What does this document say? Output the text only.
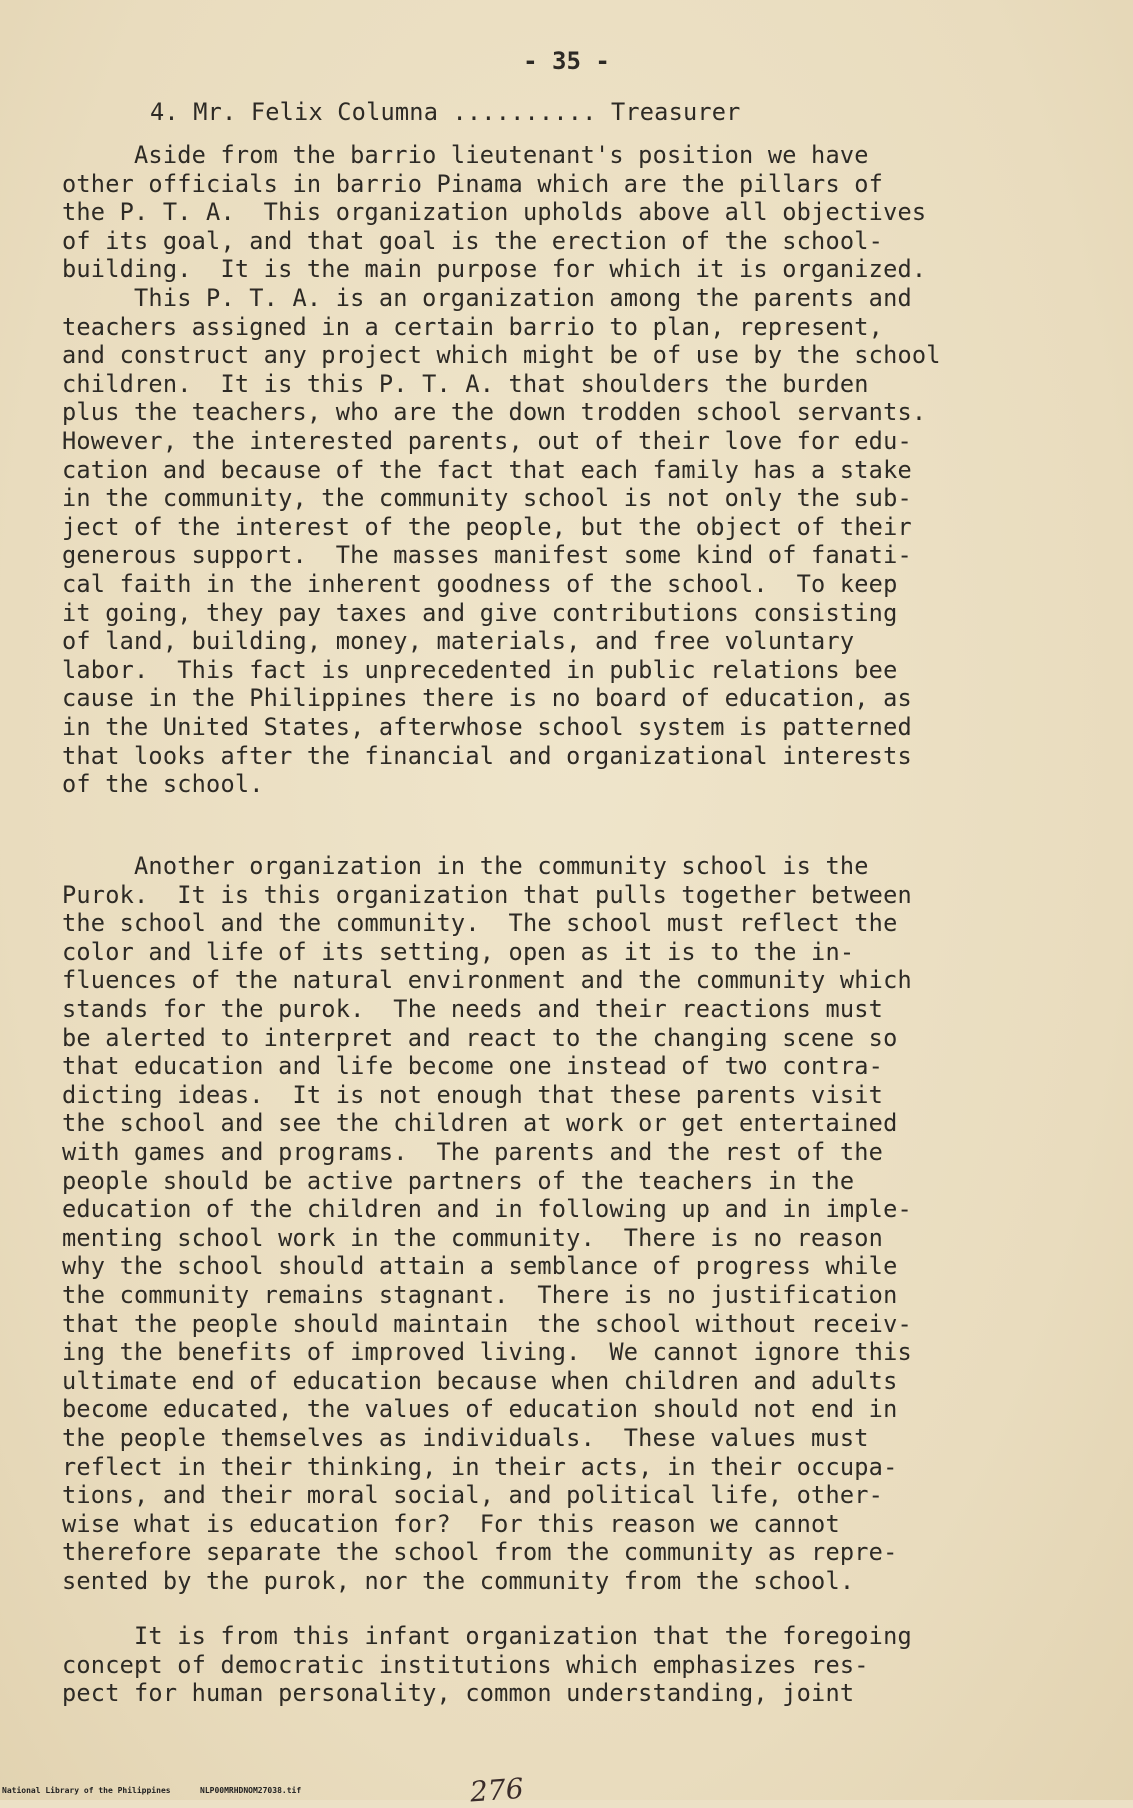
- 35 -
4. Mr. Felix Columna .......... Treasurer
Aside from the barrio lieutenant's position we have
other officials in barrio Pinama which are the pillars of
the P. T. A.  This organization upholds above all objectives
of its goal, and that goal is the erection of the school-
building.  It is the main purpose for which it is organized.
This P. T. A. is an organization among the parents and
teachers assigned in a certain barrio to plan, represent,
and construct any project which might be of use by the school
children.  It is this P. T. A. that shoulders the burden
plus the teachers, who are the down trodden school servants.
However, the interested parents, out of their love for edu-
cation and because of the fact that each family has a stake
in the community, the community school is not only the sub-
ject of the interest of the people, but the object of their
generous support.  The masses manifest some kind of fanati-
cal faith in the inherent goodness of the school.  To keep
it going, they pay taxes and give contributions consisting
of land, building, money, materials, and free voluntary
labor.  This fact is unprecedented in public relations bee
cause in the Philippines there is no board of education, as
in the United States, afterwhose school system is patterned
that looks after the financial and organizational interests
of the school.
Another organization in the community school is the
Purok.  It is this organization that pulls together between
the school and the community.  The school must reflect the
color and life of its setting, open as it is to the in-
fluences of the natural environment and the community which
stands for the purok.  The needs and their reactions must
be alerted to interpret and react to the changing scene so
that education and life become one instead of two contra-
dicting ideas.  It is not enough that these parents visit
the school and see the children at work or get entertained
with games and programs.  The parents and the rest of the
people should be active partners of the teachers in the
education of the children and in following up and in imple-
menting school work in the community.  There is no reason
why the school should attain a semblance of progress while
the community remains stagnant.  There is no justification
that the people should maintain  the school without receiv-
ing the benefits of improved living.  We cannot ignore this
ultimate end of education because when children and adults
become educated, the values of education should not end in
the people themselves as individuals.  These values must
reflect in their thinking, in their acts, in their occupa-
tions, and their moral social, and political life, other-
wise what is education for?  For this reason we cannot
therefore separate the school from the community as repre-
sented by the purok, nor the community from the school.
It is from this infant organization that the foregoing
concept of democratic institutions which emphasizes res-
pect for human personality, common understanding, joint
276
National Library of the Philippines	NLP00MRHDNOM27038.tif
